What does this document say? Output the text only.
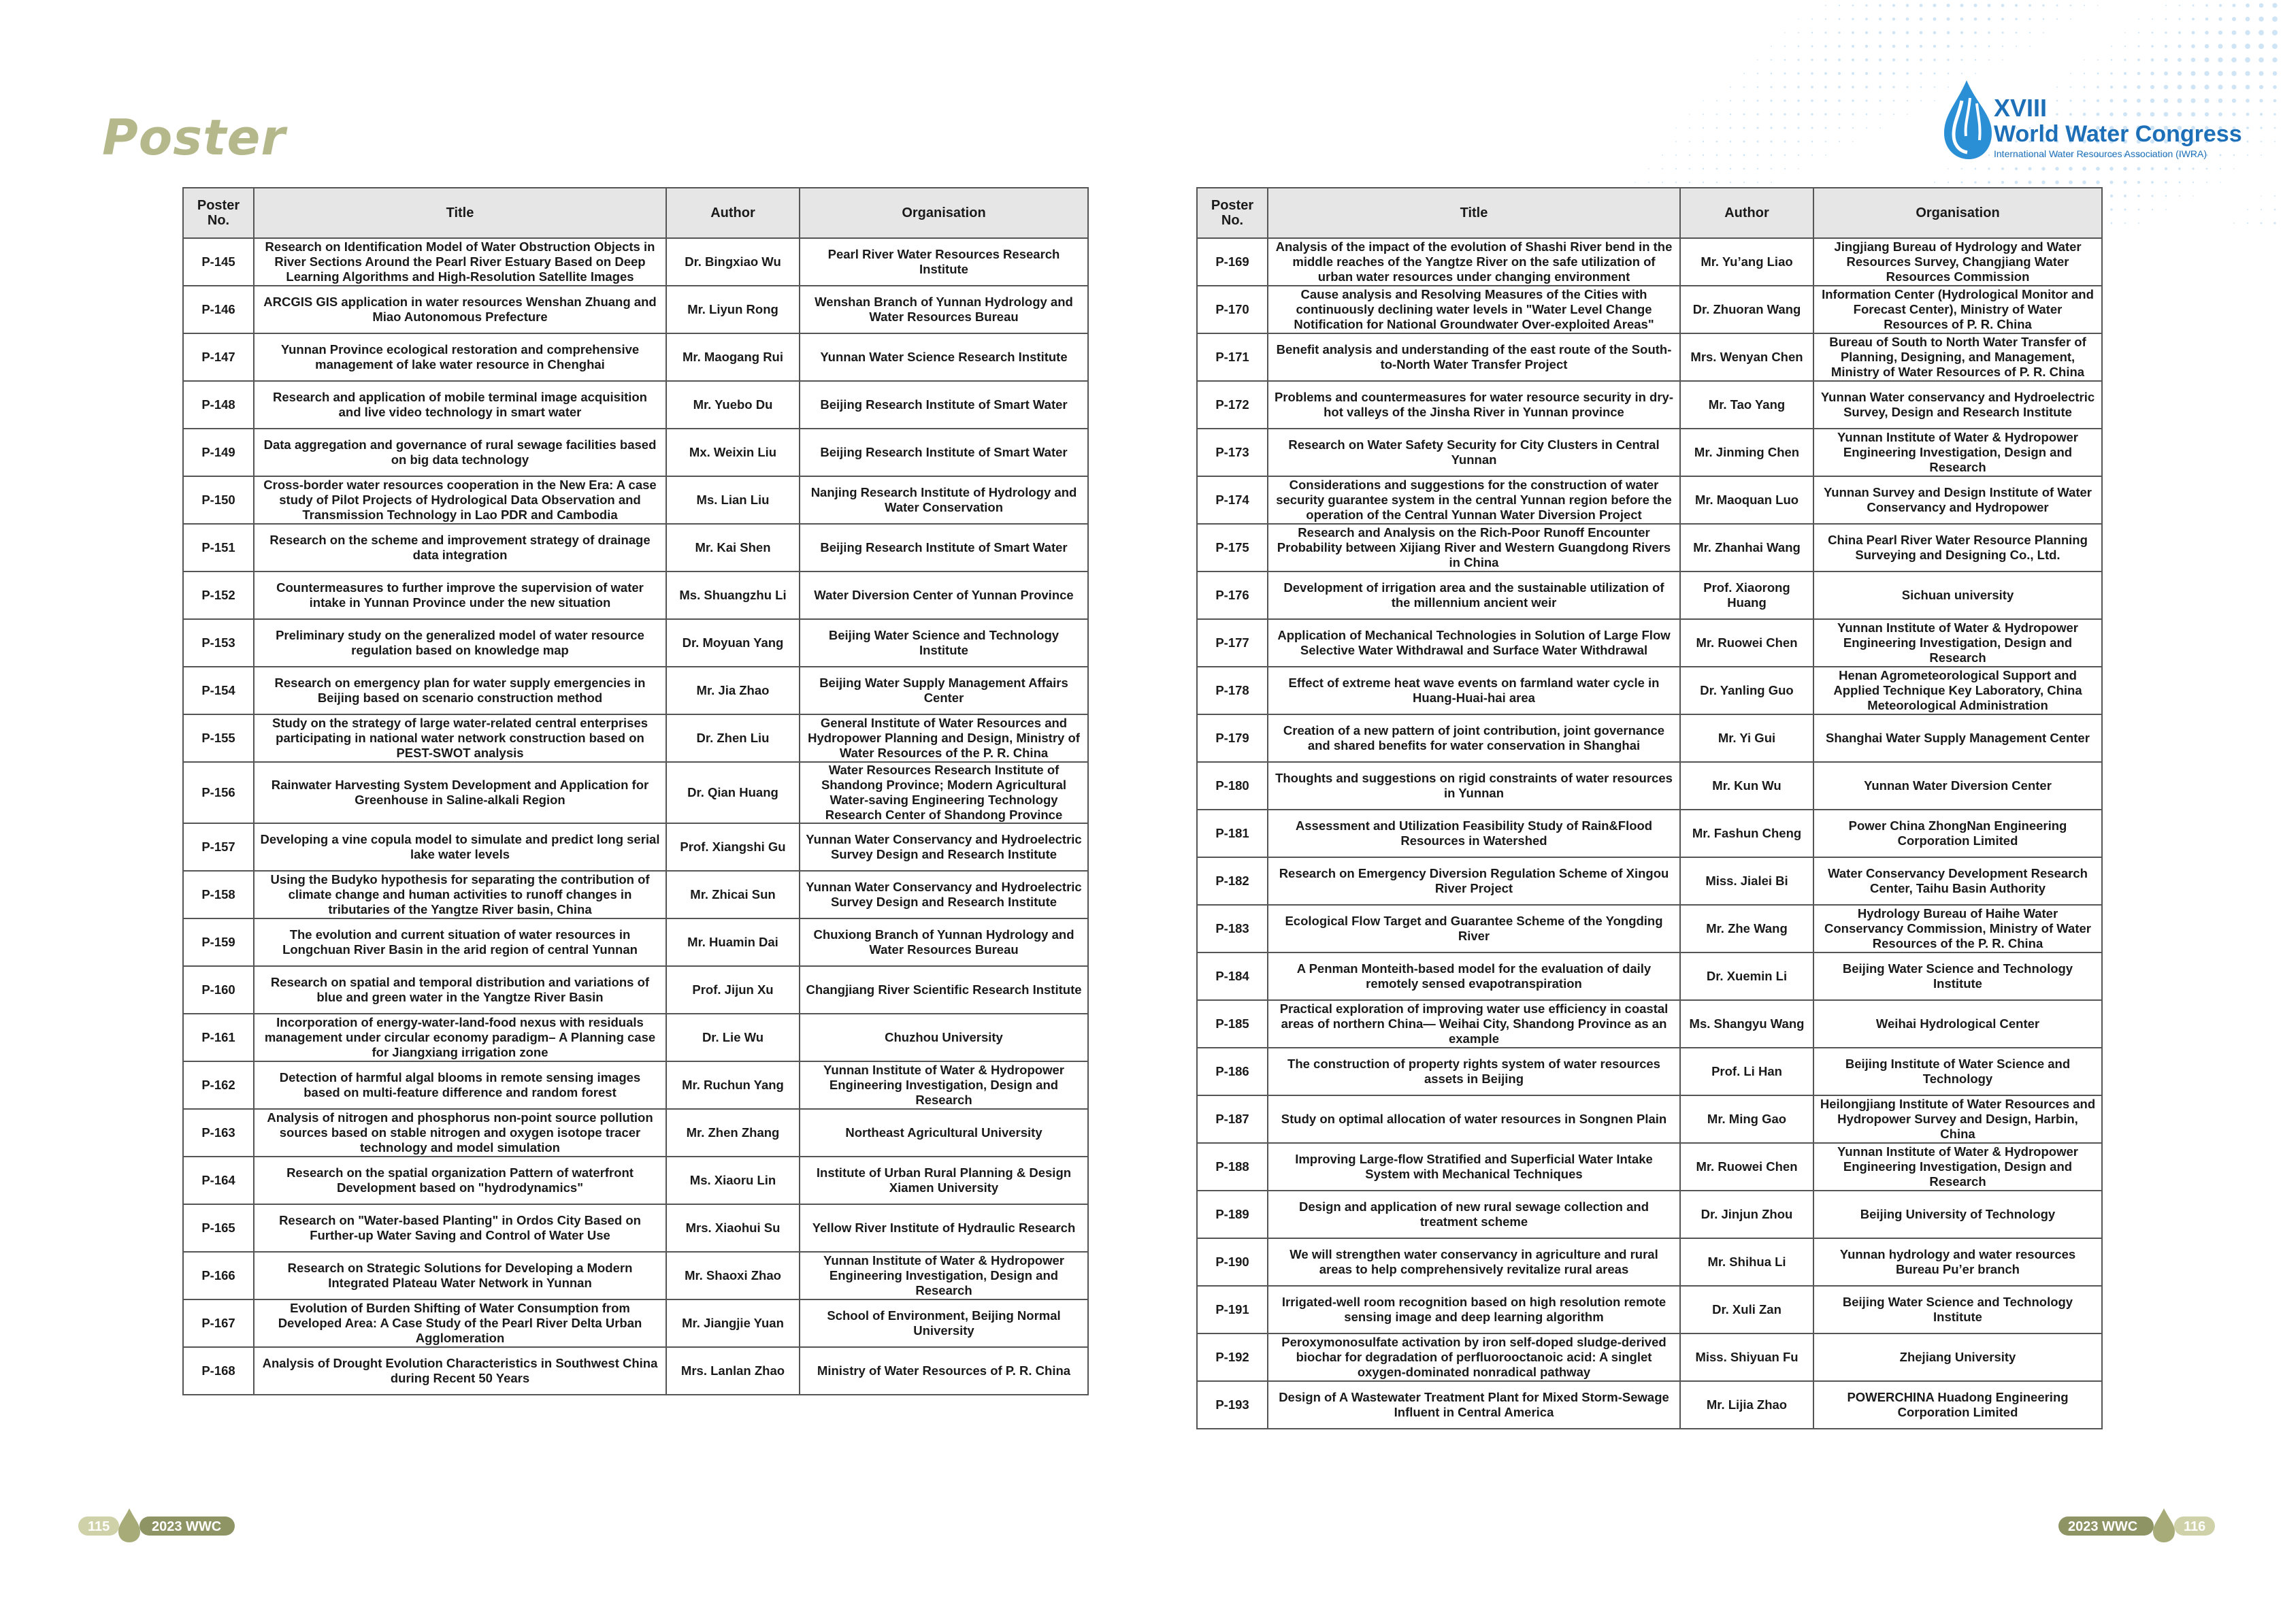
Poster
XVIII
World Water Congress
International Water Resources Association (IWRA)
Poster No.	Title	Author	Organisation
P-145	Research on Identification Model of Water Obstruction Objects in River Sections Around the Pearl River Estuary Based on Deep Learning Algorithms and High-Resolution Satellite Images	Dr. Bingxiao Wu	Pearl River Water Resources Research Institute
P-146	ARCGIS GIS application in water resources Wenshan Zhuang and Miao Autonomous Prefecture	Mr. Liyun Rong	Wenshan Branch of Yunnan Hydrology and Water Resources Bureau
P-147	Yunnan Province ecological restoration and comprehensive management of lake water resource in Chenghai	Mr. Maogang Rui	Yunnan Water Science Research Institute
P-148	Research and application of mobile terminal image acquisition and live video technology in smart water	Mr. Yuebo Du	Beijing Research Institute of Smart Water
P-149	Data aggregation and governance of rural sewage facilities based on big data technology	Mx. Weixin Liu	Beijing Research Institute of Smart Water
P-150	Cross-border water resources cooperation in the New Era: A case study of Pilot Projects of Hydrological Data Observation and Transmission Technology in Lao PDR and Cambodia	Ms. Lian Liu	Nanjing Research Institute of Hydrology and Water Conservation
P-151	Research on the scheme and improvement strategy of drainage data integration	Mr. Kai Shen	Beijing Research Institute of Smart Water
P-152	Countermeasures to further improve the supervision of water intake in Yunnan Province under the new situation	Ms. Shuangzhu Li	Water Diversion Center of Yunnan Province
P-153	Preliminary study on the generalized model of water resource regulation based on knowledge map	Dr. Moyuan Yang	Beijing Water Science and Technology Institute
P-154	Research on emergency plan for water supply emergencies in Beijing based on scenario construction method	Mr. Jia Zhao	Beijing Water Supply Management Affairs Center
P-155	Study on the strategy of large water-related central enterprises participating in national water network construction based on PEST-SWOT analysis	Dr. Zhen Liu	General Institute of Water Resources and Hydropower Planning and Design, Ministry of Water Resources of the P. R. China
P-156	Rainwater Harvesting System Development and Application for Greenhouse in Saline-alkali Region	Dr. Qian Huang	Water Resources Research Institute of Shandong Province; Modern Agricultural Water-saving Engineering Technology Research Center of Shandong Province
P-157	Developing a vine copula model to simulate and predict long serial lake water levels	Prof. Xiangshi Gu	Yunnan Water Conservancy and Hydroelectric Survey Design and Research Institute
P-158	Using the Budyko hypothesis for separating the contribution of climate change and human activities to runoff changes in tributaries of the Yangtze River basin, China	Mr. Zhicai Sun	Yunnan Water Conservancy and Hydroelectric Survey Design and Research Institute
P-159	The evolution and current situation of water resources in Longchuan River Basin in the arid region of central Yunnan	Mr. Huamin Dai	Chuxiong Branch of Yunnan Hydrology and Water Resources Bureau
P-160	Research on spatial and temporal distribution and variations of blue and green water in the Yangtze River Basin	Prof. Jijun Xu	Changjiang River Scientific Research Institute
P-161	Incorporation of energy-water-land-food nexus with residuals management under circular economy paradigm– A Planning case for Jiangxiang irrigation zone	Dr. Lie Wu	Chuzhou University
P-162	Detection of harmful algal blooms in remote sensing images based on multi-feature difference and random forest	Mr. Ruchun Yang	Yunnan Institute of Water & Hydropower Engineering Investigation, Design and Research
P-163	Analysis of nitrogen and phosphorus non-point source pollution sources based on stable nitrogen and oxygen isotope tracer technology and model simulation	Mr. Zhen Zhang	Northeast Agricultural University
P-164	Research on the spatial organization Pattern of waterfront Development based on "hydrodynamics"	Ms. Xiaoru Lin	Institute of Urban Rural Planning & Design Xiamen University
P-165	Research on "Water-based Planting" in Ordos City Based on Further-up Water Saving and Control of Water Use	Mrs. Xiaohui Su	Yellow River Institute of Hydraulic Research
P-166	Research on Strategic Solutions for Developing a Modern Integrated Plateau Water Network in Yunnan	Mr. Shaoxi Zhao	Yunnan Institute of Water & Hydropower Engineering Investigation, Design and Research
P-167	Evolution of Burden Shifting of Water Consumption from Developed Area: A Case Study of the Pearl River Delta Urban Agglomeration	Mr. Jiangjie Yuan	School of Environment, Beijing Normal University
P-168	Analysis of Drought Evolution Characteristics in Southwest China during Recent 50 Years	Mrs. Lanlan Zhao	Ministry of Water Resources of P. R. China
Poster No.	Title	Author	Organisation
P-169	Analysis of the impact of the evolution of Shashi River bend in the middle reaches of the Yangtze River on the safe utilization of urban water resources under changing environment	Mr. Yu’ang Liao	Jingjiang Bureau of Hydrology and Water Resources Survey, Changjiang Water Resources Commission
P-170	Cause analysis and Resolving Measures of the Cities with continuously declining water levels in "Water Level Change Notification for National Groundwater Over-exploited Areas"	Dr. Zhuoran Wang	Information Center (Hydrological Monitor and Forecast Center), Ministry of Water Resources of P. R. China
P-171	Benefit analysis and understanding of the east route of the South-to-North Water Transfer Project	Mrs. Wenyan Chen	Bureau of South to North Water Transfer of Planning, Designing, and Management, Ministry of Water Resources of P. R. China
P-172	Problems and countermeasures for water resource security in dry-hot valleys of the Jinsha River in Yunnan province	Mr. Tao Yang	Yunnan Water conservancy and Hydroelectric Survey, Design and Research Institute
P-173	Research on Water Safety Security for City Clusters in Central Yunnan	Mr. Jinming Chen	Yunnan Institute of Water & Hydropower Engineering Investigation, Design and Research
P-174	Considerations and suggestions for the construction of water security guarantee system in the central Yunnan region before the operation of the Central Yunnan Water Diversion Project	Mr. Maoquan Luo	Yunnan Survey and Design Institute of Water Conservancy and Hydropower
P-175	Research and Analysis on the Rich-Poor Runoff Encounter Probability between Xijiang River and Western Guangdong Rivers in China	Mr. Zhanhai Wang	China Pearl River Water Resource Planning Surveying and Designing Co., Ltd.
P-176	Development of irrigation area and the sustainable utilization of the millennium ancient weir	Prof. Xiaorong Huang	Sichuan university
P-177	Application of Mechanical Technologies in Solution of Large Flow Selective Water Withdrawal and Surface Water Withdrawal	Mr. Ruowei Chen	Yunnan Institute of Water & Hydropower Engineering Investigation, Design and Research
P-178	Effect of extreme heat wave events on farmland water cycle in Huang-Huai-hai area	Dr. Yanling Guo	Henan Agrometeorological Support and Applied Technique Key Laboratory, China Meteorological Administration
P-179	Creation of a new pattern of joint contribution, joint governance and shared benefits for water conservation in Shanghai	Mr. Yi Gui	Shanghai Water Supply Management Center
P-180	Thoughts and suggestions on rigid constraints of water resources in Yunnan	Mr. Kun Wu	Yunnan Water Diversion Center
P-181	Assessment and Utilization Feasibility Study of Rain&Flood Resources in Watershed	Mr. Fashun Cheng	Power China ZhongNan Engineering Corporation Limited
P-182	Research on Emergency Diversion Regulation Scheme of Xingou River Project	Miss. Jialei Bi	Water Conservancy Development Research Center, Taihu Basin Authority
P-183	Ecological Flow Target and Guarantee Scheme of the Yongding River	Mr. Zhe Wang	Hydrology Bureau of Haihe Water Conservancy Commission, Ministry of Water Resources of the P. R. China
P-184	A Penman Monteith-based model for the evaluation of daily remotely sensed evapotranspiration	Dr. Xuemin Li	Beijing Water Science and Technology Institute
P-185	Practical exploration of improving water use efficiency in coastal areas of northern China— Weihai City, Shandong Province as an example	Ms. Shangyu Wang	Weihai Hydrological Center
P-186	The construction of property rights system of water resources assets in Beijing	Prof. Li Han	Beijing Institute of Water Science and Technology
P-187	Study on optimal allocation of water resources in Songnen Plain	Mr. Ming Gao	Heilongjiang Institute of Water Resources and Hydropower Survey and Design, Harbin, China
P-188	Improving Large-flow Stratified and Superficial Water Intake System with Mechanical Techniques	Mr. Ruowei Chen	Yunnan Institute of Water & Hydropower Engineering Investigation, Design and Research
P-189	Design and application of new rural sewage collection and treatment scheme	Dr. Jinjun Zhou	Beijing University of Technology
P-190	We will strengthen water conservancy in agriculture and rural areas to help comprehensively revitalize rural areas	Mr. Shihua Li	Yunnan hydrology and water resources Bureau Pu’er branch
P-191	Irrigated-well room recognition based on high resolution remote sensing image and deep learning algorithm	Dr. Xuli Zan	Beijing Water Science and Technology Institute
P-192	Peroxymonosulfate activation by iron self-doped sludge-derived biochar for degradation of perfluorooctanoic acid: A singlet oxygen-dominated nonradical pathway	Miss. Shiyuan Fu	Zhejiang University
P-193	Design of A Wastewater Treatment Plant for Mixed Storm-Sewage Influent in Central America	Mr. Lijia Zhao	POWERCHINA Huadong Engineering Corporation Limited
115	2023 WWC	2023 WWC	116
